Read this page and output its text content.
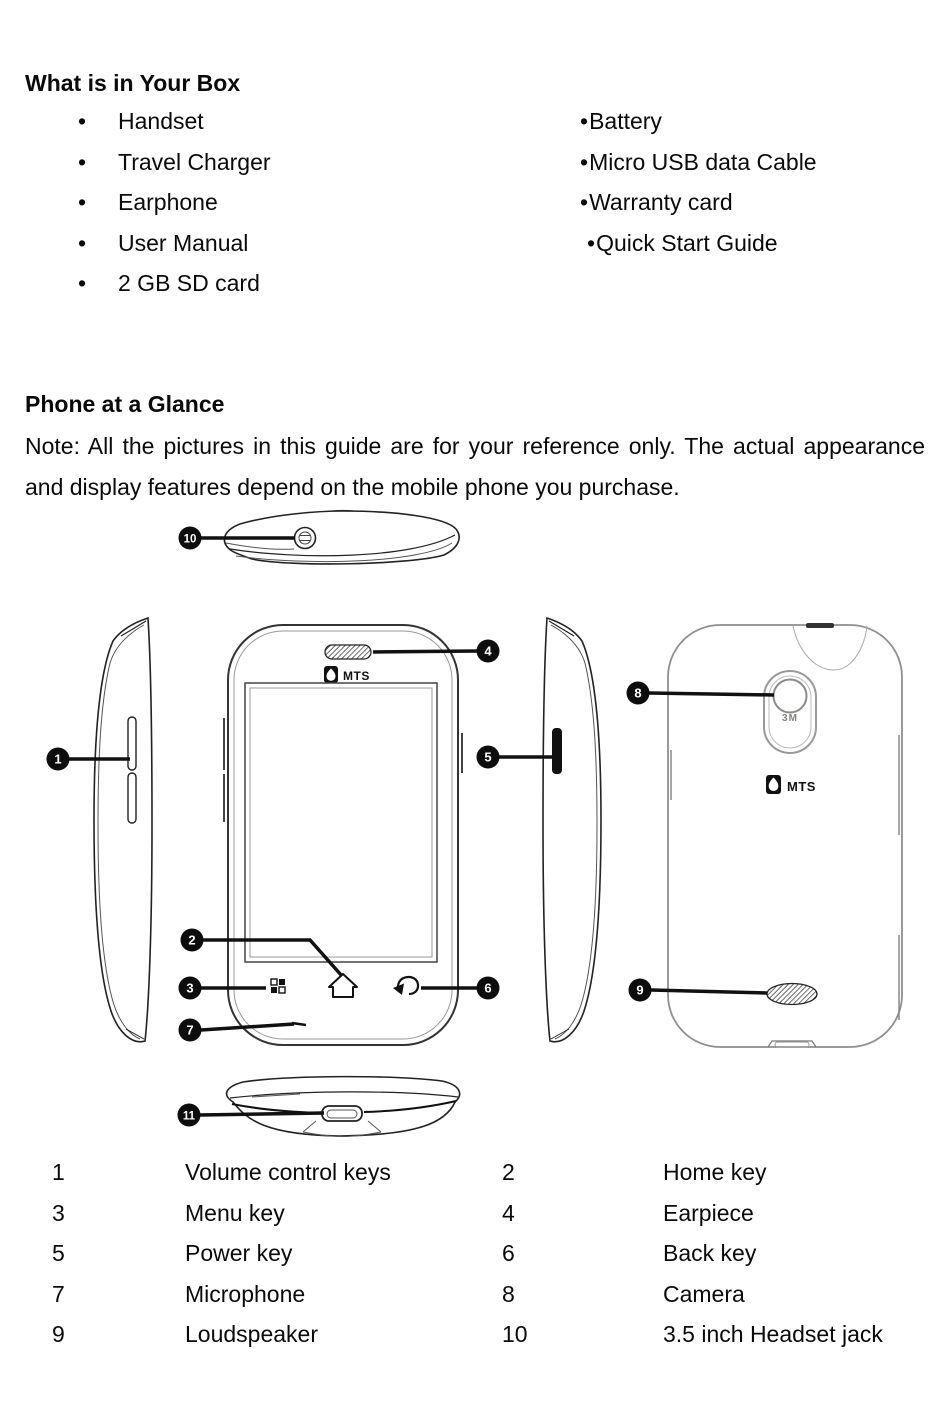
What is in Your Box
• Handset
• Travel Charger
• Earphone
• User Manual
• 2 GB SD card
•Battery
•Micro USB data Cable
•Warranty card
•Quick Start Guide
Phone at a Glance

Note: All the pictures in this guide are for your reference only. The actual appearance and display features depend on the mobile phone you purchase.

10
1
4
MTS
2
3	6
7
5
3M
8
MTS
9
11
1	Volume control keys	2	Home key
3	Menu key	4	Earpiece
5	Power key	6	Back key
7	Microphone	8	Camera
9	Loudspeaker	10	3.5 inch Headset jack
